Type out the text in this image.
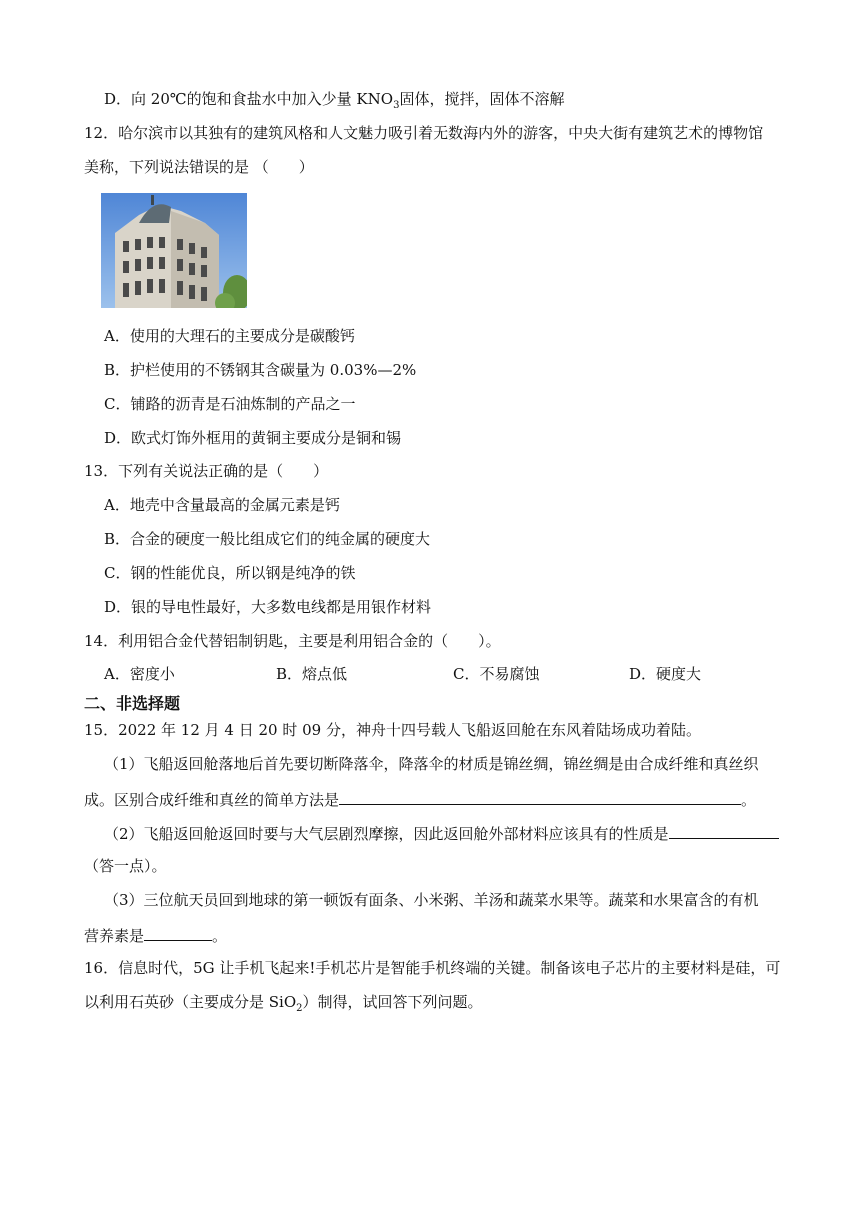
D．向 20℃的饱和食盐水中加入少量 $KNO_3$固体，搅拌，固体不溶解
12．哈尔滨市以其独有的建筑风格和人文魅力吸引着无数海内外的游客，中央大街有建筑艺术的博物馆
美称，下列说法错误的是 （　　）
A．使用的大理石的主要成分是碳酸钙
B．护栏使用的不锈钢其含碳量为 0.03%—2%
C．铺路的沥青是石油炼制的产品之一
D．欧式灯饰外框用的黄铜主要成分是铜和锡
13．下列有关说法正确的是（　　）
A．地壳中含量最高的金属元素是钙
B．合金的硬度一般比组成它们的纯金属的硬度大
C．钢的性能优良，所以钢是纯净的铁
D．银的导电性最好，大多数电线都是用银作材料
14．利用铝合金代替铝制钥匙，主要是利用铝合金的（　　）。
A．密度小	B．熔点低	C．不易腐蚀	D．硬度大
二、非选择题
15．2022 年 12 月 4 日 20 时 09 分，神舟十四号载人飞船返回舱在东风着陆场成功着陆。
（1）飞船返回舱落地后首先要切断降落伞，降落伞的材质是锦丝绸，锦丝绸是由合成纤维和真丝织
成。区别合成纤维和真丝的简单方法是	。
（2）飞船返回舱返回时要与大气层剧烈摩擦，因此返回舱外部材料应该具有的性质是
（答一点）。
（3）三位航天员回到地球的第一顿饭有面条、小米粥、羊汤和蔬菜水果等。蔬菜和水果富含的有机
营养素是	。
16．信息时代，5G 让手机飞起来!手机芯片是智能手机终端的关键。制备该电子芯片的主要材料是硅，可
以利用石英砂（主要成分是 SiO$_2$）制得，试回答下列问题。
